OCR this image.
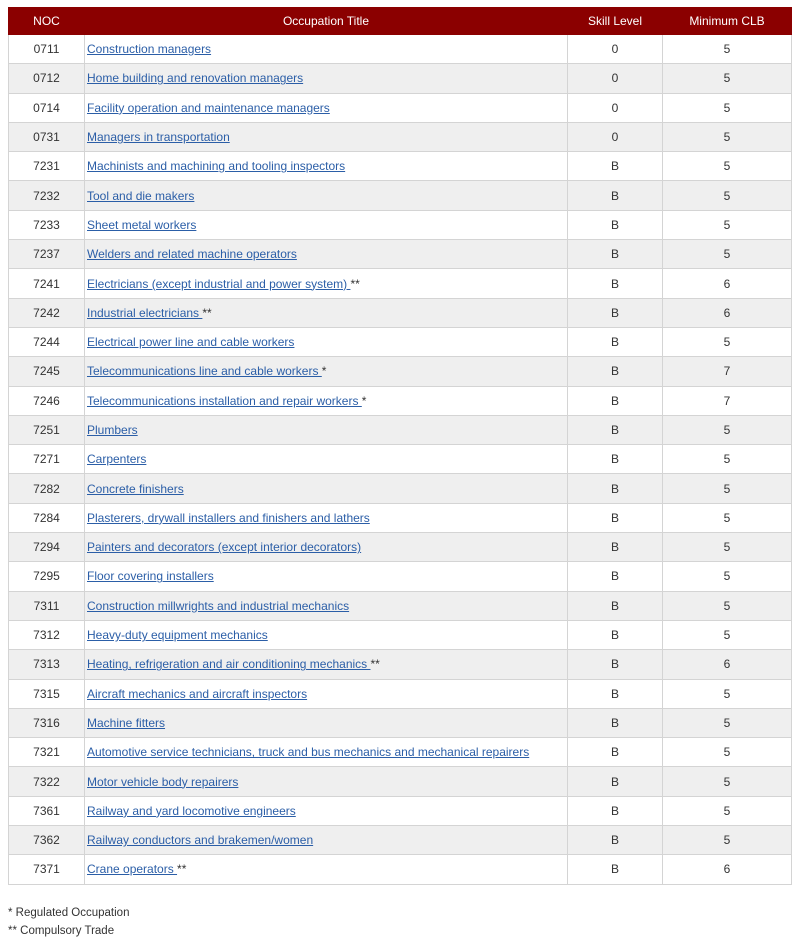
NOC	Occupation Title	Skill Level	Minimum CLB
0711	Construction managers	0	5
0712	Home building and renovation managers	0	5
0714	Facility operation and maintenance managers	0	5
0731	Managers in transportation	0	5
7231	Machinists and machining and tooling inspectors	B	5
7232	Tool and die makers	B	5
7233	Sheet metal workers	B	5
7237	Welders and related machine operators	B	5
7241	Electricians (except industrial and power system) **	B	6
7242	Industrial electricians **	B	6
7244	Electrical power line and cable workers	B	5
7245	Telecommunications line and cable workers *	B	7
7246	Telecommunications installation and repair workers *	B	7
7251	Plumbers	B	5
7271	Carpenters	B	5
7282	Concrete finishers	B	5
7284	Plasterers, drywall installers and finishers and lathers	B	5
7294	Painters and decorators (except interior decorators)	B	5
7295	Floor covering installers	B	5
7311	Construction millwrights and industrial mechanics	B	5
7312	Heavy-duty equipment mechanics	B	5
7313	Heating, refrigeration and air conditioning mechanics **	B	6
7315	Aircraft mechanics and aircraft inspectors	B	5
7316	Machine fitters	B	5
7321	Automotive service technicians, truck and bus mechanics and mechanical repairers	B	5
7322	Motor vehicle body repairers	B	5
7361	Railway and yard locomotive engineers	B	5
7362	Railway conductors and brakemen/women	B	5
7371	Crane operators **	B	6
* Regulated Occupation
** Compulsory Trade
